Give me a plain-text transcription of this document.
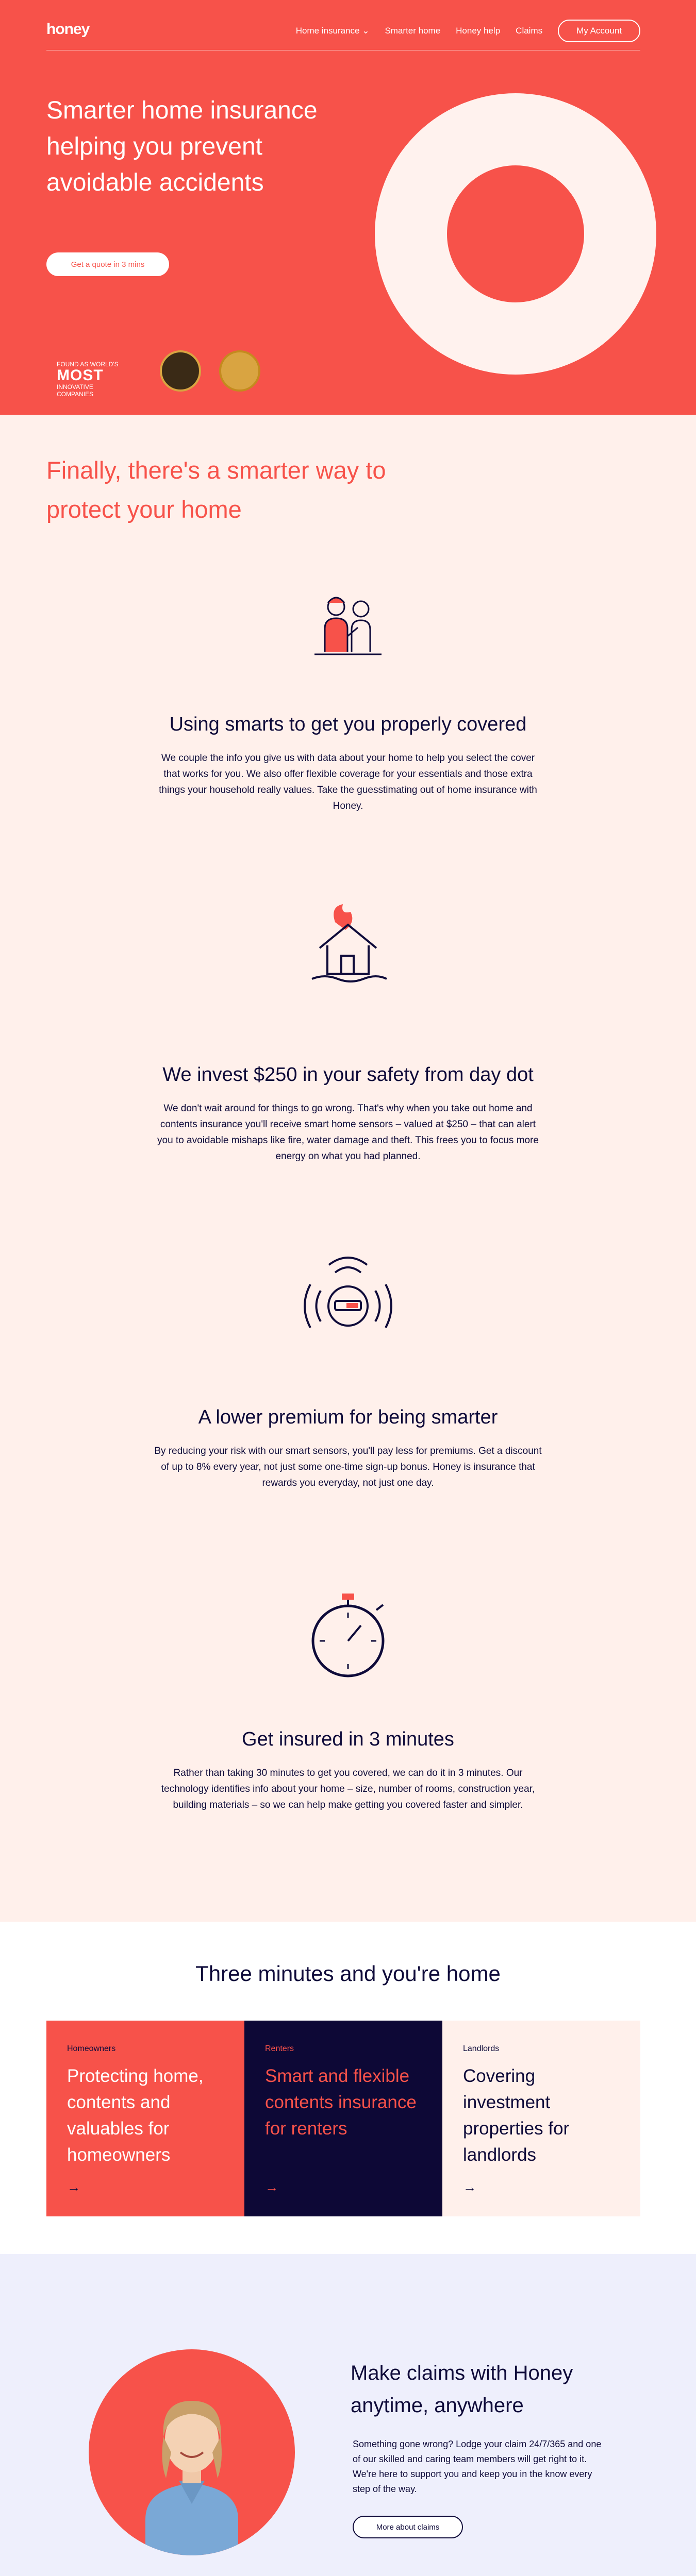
honey	Home insurance ⌄ Smarter home Honey help Claims	My Account
Smarter home insurance helping you prevent avoidable accidents
Get a quote in 3 mins
FOUND AS WORLD'S
MOST
INNOVATIVE
COMPANIES
Finally, there's a smarter way to protect your home
Using smarts to get you properly covered

We couple the info you give us with data about your home to help you select the cover that works for you. We also offer flexible coverage for your essentials and those extra things your household really values. Take the guesstimating out of home insurance with Honey.

We invest $250 in your safety from day dot

We don't wait around for things to go wrong. That's why when you take out home and contents insurance you'll receive smart home sensors – valued at $250 – that can alert you to avoidable mishaps like fire, water damage and theft. This frees you to focus more energy on what you had planned.

A lower premium for being smarter

By reducing your risk with our smart sensors, you'll pay less for premiums. Get a discount of up to 8% every year, not just some one-time sign-up bonus. Honey is insurance that rewards you everyday, not just one day.

Get insured in 3 minutes

Rather than taking 30 minutes to get you covered, we can do it in 3 minutes. Our technology identifies info about your home – size, number of rooms, construction year, building materials – so we can help make getting you covered faster and simpler.

Three minutes and you're home
Homeowners
Protecting home, contents and valuables for homeowners
→
Renters
Smart and flexible contents insurance for renters
→
Landlords
Covering investment properties for landlords
→
Make claims with Honey anytime, anywhere

Something gone wrong? Lodge your claim 24/7/365 and one of our skilled and caring team members will get right to it. We're here to support you and keep you in the know every step of the way.

More about claims
